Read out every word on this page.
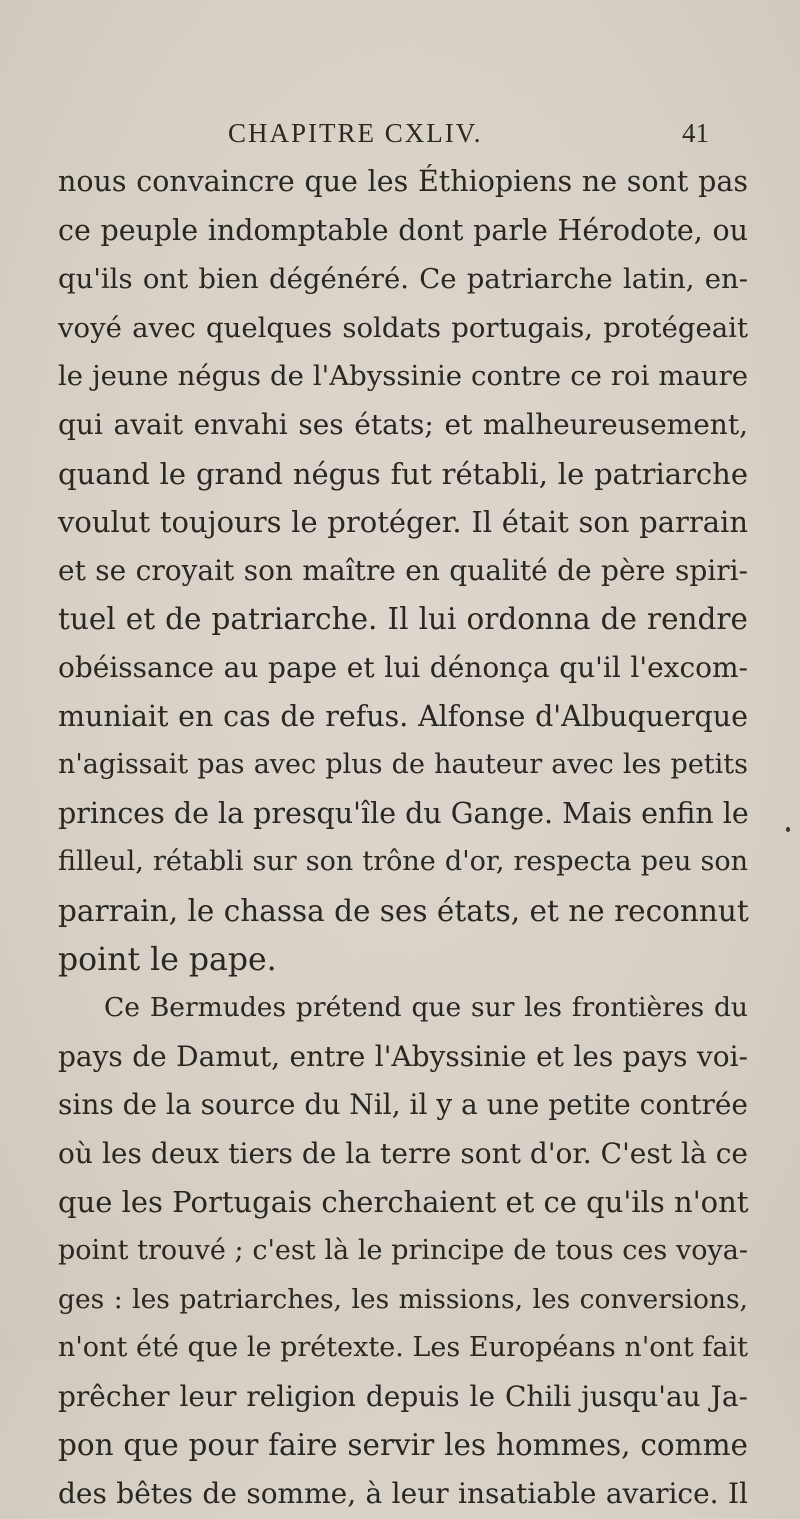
CHAPITRE CXLIV.	41
nous convaincre que les Éthiopiens ne sont pas
ce peuple indomptable dont parle Hérodote, ou
qu'ils ont bien dégénéré. Ce patriarche latin, en-
voyé avec quelques soldats portugais, protégeait
le jeune négus de l'Abyssinie contre ce roi maure
qui avait envahi ses états; et malheureusement,
quand le grand négus fut rétabli, le patriarche
voulut toujours le protéger. Il était son parrain
et se croyait son maître en qualité de père spiri-
tuel et de patriarche. Il lui ordonna de rendre
obéissance au pape et lui dénonça qu'il l'excom-
muniait en cas de refus. Alfonse d'Albuquerque
n'agissait pas avec plus de hauteur avec les petits
princes de la presqu'île du Gange. Mais enfin le
filleul, rétabli sur son trône d'or, respecta peu son
parrain, le chassa de ses états, et ne reconnut
point le pape.
Ce Bermudes prétend que sur les frontières du
pays de Damut, entre l'Abyssinie et les pays voi-
sins de la source du Nil, il y a une petite contrée
où les deux tiers de la terre sont d'or. C'est là ce
que les Portugais cherchaient et ce qu'ils n'ont
point trouvé ; c'est là le principe de tous ces voya-
ges : les patriarches, les missions, les conversions,
n'ont été que le prétexte. Les Européans n'ont fait
prêcher leur religion depuis le Chili jusqu'au Ja-
pon que pour faire servir les hommes, comme
des bêtes de somme, à leur insatiable avarice. Il
